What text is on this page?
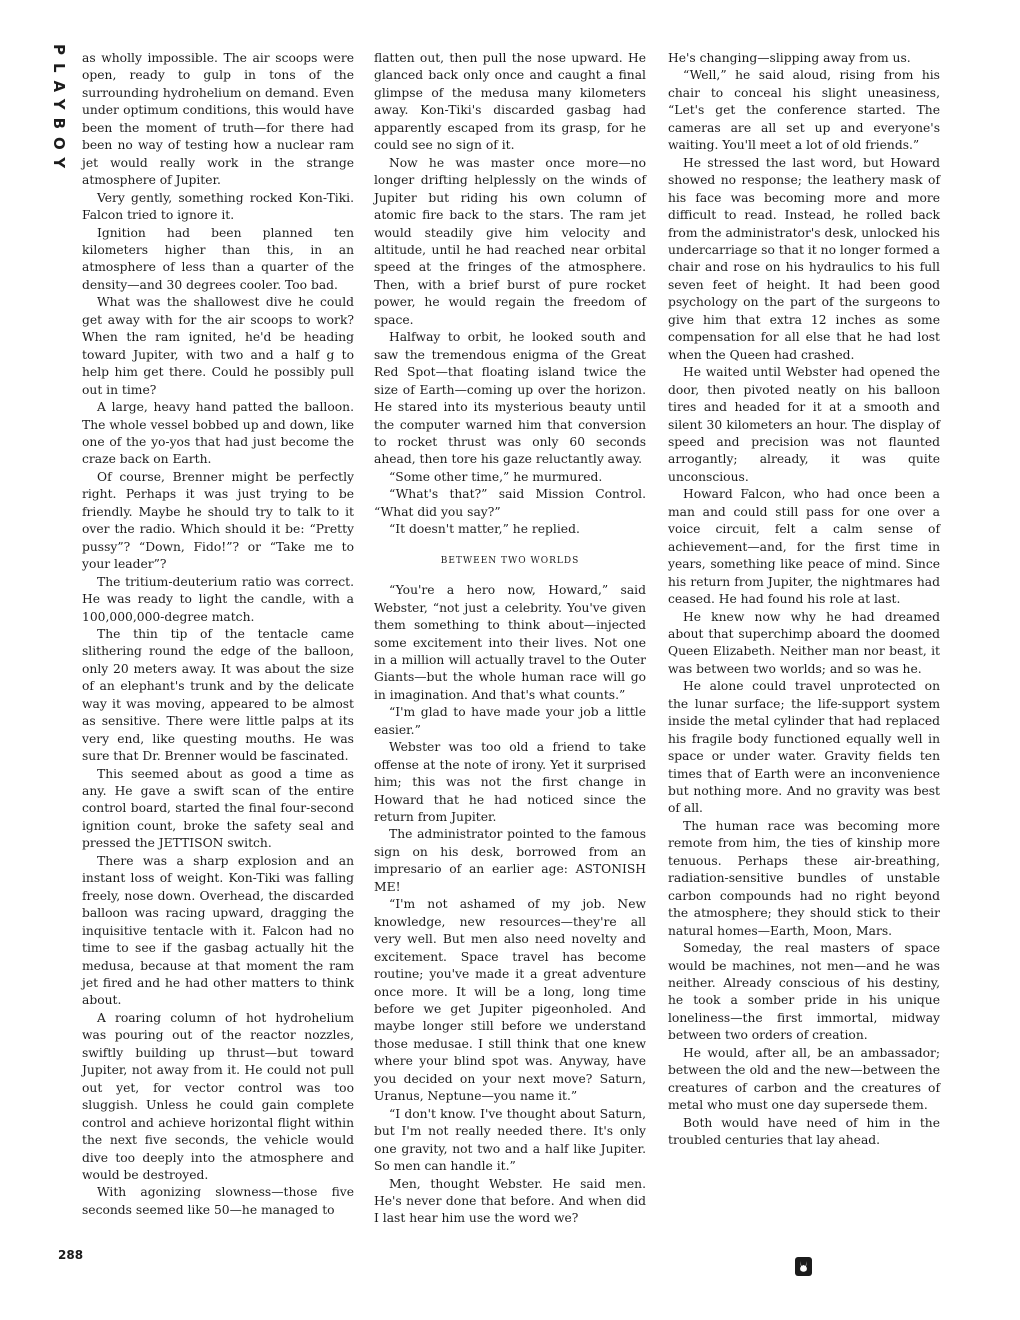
PLAYBOY as wholly impossible. The air scoops were open, ready to gulp in tons of the surrounding hydrohelium on demand. Even under optimum conditions, this would have been the moment of truth—for there had been no way of testing how a nuclear ram jet would really work in the strange atmosphere of Jupiter.

Very gently, something rocked Kon-Tiki. Falcon tried to ignore it.

Ignition had been planned ten kilometers higher than this, in an atmosphere of less than a quarter of the density—and 30 degrees cooler. Too bad.

What was the shallowest dive he could get away with for the air scoops to work? When the ram ignited, he'd be heading toward Jupiter, with two and a half g to help him get there. Could he possibly pull out in time?

A large, heavy hand patted the balloon. The whole vessel bobbed up and down, like one of the yo-yos that had just become the craze back on Earth.

Of course, Brenner might be perfectly right. Perhaps it was just trying to be friendly. Maybe he should try to talk to it over the radio. Which should it be: “Pretty pussy”? “Down, Fido!”? or “Take me to your leader”?

The tritium-deuterium ratio was correct. He was ready to light the candle, with a 100,000,000-degree match.

The thin tip of the tentacle came slithering round the edge of the balloon, only 20 meters away. It was about the size of an elephant's trunk and by the delicate way it was moving, appeared to be almost as sensitive. There were little palps at its very end, like questing mouths. He was sure that Dr. Brenner would be fascinated.

This seemed about as good a time as any. He gave a swift scan of the entire control board, started the final four-second ignition count, broke the safety seal and pressed the JETTISON switch.

There was a sharp explosion and an instant loss of weight. Kon-Tiki was falling freely, nose down. Overhead, the discarded balloon was racing upward, dragging the inquisitive tentacle with it. Falcon had no time to see if the gasbag actually hit the medusa, because at that moment the ram jet fired and he had other matters to think about.

A roaring column of hot hydrohelium was pouring out of the reactor nozzles, swiftly building up thrust—but toward Jupiter, not away from it. He could not pull out yet, for vector control was too sluggish. Unless he could gain complete control and achieve horizontal flight within the next five seconds, the vehicle would dive too deeply into the atmosphere and would be destroyed.

With agonizing slowness—those five seconds seemed like 50—he managed to

flatten out, then pull the nose upward. He glanced back only once and caught a final glimpse of the medusa many kilometers away. Kon-Tiki's discarded gasbag had apparently escaped from its grasp, for he could see no sign of it.

Now he was master once more—no longer drifting helplessly on the winds of Jupiter but riding his own column of atomic fire back to the stars. The ram jet would steadily give him velocity and altitude, until he had reached near orbital speed at the fringes of the atmosphere. Then, with a brief burst of pure rocket power, he would regain the freedom of space.

Halfway to orbit, he looked south and saw the tremendous enigma of the Great Red Spot—that floating island twice the size of Earth—coming up over the horizon. He stared into its mysterious beauty until the computer warned him that conversion to rocket thrust was only 60 seconds ahead, then tore his gaze reluctantly away.

“Some other time,” he murmured.

“What's that?” said Mission Control. “What did you say?”

“It doesn't matter,” he replied.

BETWEEN TWO WORLDS

“You're a hero now, Howard,” said Webster, “not just a celebrity. You've given them something to think about—injected some excitement into their lives. Not one in a million will actually travel to the Outer Giants—but the whole human race will go in imagination. And that's what counts.”

“I'm glad to have made your job a little easier.”

Webster was too old a friend to take offense at the note of irony. Yet it surprised him; this was not the first change in Howard that he had noticed since the return from Jupiter.

The administrator pointed to the famous sign on his desk, borrowed from an impresario of an earlier age: ASTONISH ME!

“I'm not ashamed of my job. New knowledge, new resources—they're all very well. But men also need novelty and excitement. Space travel has become routine; you've made it a great adventure once more. It will be a long, long time before we get Jupiter pigeonholed. And maybe longer still before we understand those medusae. I still think that one knew where your blind spot was. Anyway, have you decided on your next move? Saturn, Uranus, Neptune—you name it.”

“I don't know. I've thought about Saturn, but I'm not really needed there. It's only one gravity, not two and a half like Jupiter. So men can handle it.”

Men, thought Webster. He said men. He's never done that before. And when did I last hear him use the word we?

He's changing—slipping away from us.

“Well,” he said aloud, rising from his chair to conceal his slight uneasiness, “Let's get the conference started. The cameras are all set up and everyone's waiting. You'll meet a lot of old friends.”

He stressed the last word, but Howard showed no response; the leathery mask of his face was becoming more and more difficult to read. Instead, he rolled back from the administrator's desk, unlocked his undercarriage so that it no longer formed a chair and rose on his hydraulics to his full seven feet of height. It had been good psychology on the part of the surgeons to give him that extra 12 inches as some compensation for all else that he had lost when the Queen had crashed.

He waited until Webster had opened the door, then pivoted neatly on his balloon tires and headed for it at a smooth and silent 30 kilometers an hour. The display of speed and precision was not flaunted arrogantly; already, it was quite unconscious.

Howard Falcon, who had once been a man and could still pass for one over a voice circuit, felt a calm sense of achievement—and, for the first time in years, something like peace of mind. Since his return from Jupiter, the nightmares had ceased. He had found his role at last.

He knew now why he had dreamed about that superchimp aboard the doomed Queen Elizabeth. Neither man nor beast, it was between two worlds; and so was he.

He alone could travel unprotected on the lunar surface; the life-support system inside the metal cylinder that had replaced his fragile body functioned equally well in space or under water. Gravity fields ten times that of Earth were an inconvenience but nothing more. And no gravity was best of all.

The human race was becoming more remote from him, the ties of kinship more tenuous. Perhaps these air-breathing, radiation-sensitive bundles of unstable carbon compounds had no right beyond the atmosphere; they should stick to their natural homes—Earth, Moon, Mars.

Someday, the real masters of space would be machines, not men—and he was neither. Already conscious of his destiny, he took a somber pride in his unique loneliness—the first immortal, midway between two orders of creation.

He would, after all, be an ambassador; between the old and the new—between the creatures of carbon and the creatures of metal who must one day supersede them.

Both would have need of him in the troubled centuries that lay ahead.

288
